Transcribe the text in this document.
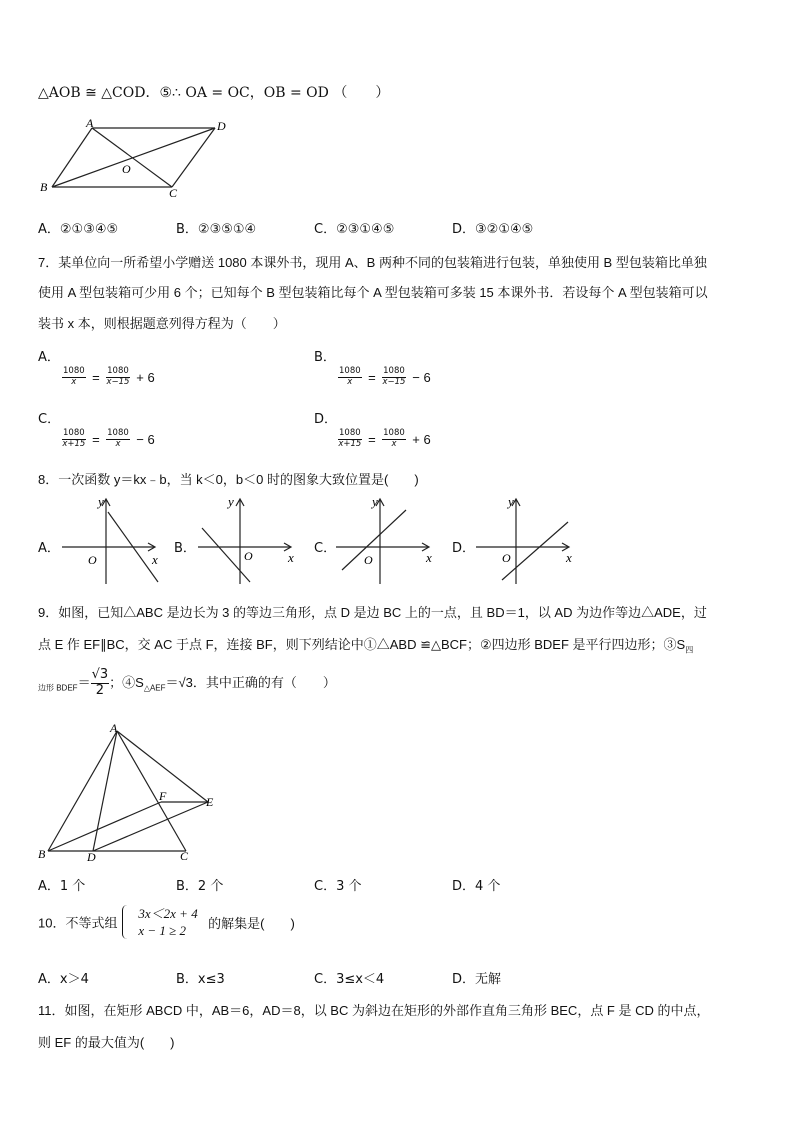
△AOB ≅ △COD．⑤∴ OA = OC，OB = OD （　　）
A	D
B	C
O
A．②①③④⑤	B．②③⑤①④	C．②③①④⑤	D．③②①④⑤
7．某单位向一所希望小学赠送 1080 本课外书，现用 A、B 两种不同的包装箱进行包装，单独使用 B 型包装箱比单独
使用 A 型包装箱可少用 6 个；已知每个 B 型包装箱比每个 A 型包装箱可多装 15 本课外书．若设每个 A 型包装箱可以
装书 x 本，则根据题意列得方程为（　　）
A．
$\frac{1080}{x} = \frac{1080}{x-15} + 6$
B．
$\frac{1080}{x} = \frac{1080}{x-15} - 6$
C．
$\frac{1080}{x+15} = \frac{1080}{x} - 6$
D．
$\frac{1080}{x+15} = \frac{1080}{x} + 6$
8．一次函数 y＝kx﹣b，当 k＜0，b＜0 时的图象大致位置是(　　)
A．
y
x
O
B．
y
x
O	C．
y
x
O
D．
y
x
O
9．如图，已知△ABC 是边长为 3 的等边三角形，点 D 是边 BC 上的一点，且 BD＝1，以 AD 为边作等边△ADE，过
点 E 作 EF∥BC，交 AC 于点 F，连接 BF，则下列结论中①△ABD ≌△BCF；②四边形 BDEF 是平行四边形；$③S_四$
$_{边形 BDEF}= \frac{√3}{2}$ ；$④S_{\triangle AEF}=√3$．其中正确的有（　　）
A
B	C
D
E
F
A．1 个	B．2 个	C．3 个	D．4 个
10．不等式组
3x＜2x + 4
x − 1 ≥ 2	的解集是(　　)
A．x＞4	B．x≤3	C．3≤x＜4	D．无解
11．如图，在矩形 ABCD 中，AB＝6，AD＝8，以 BC 为斜边在矩形的外部作直角三角形 BEC，点 F 是 CD 的中点，
则 EF 的最大值为(　　)
